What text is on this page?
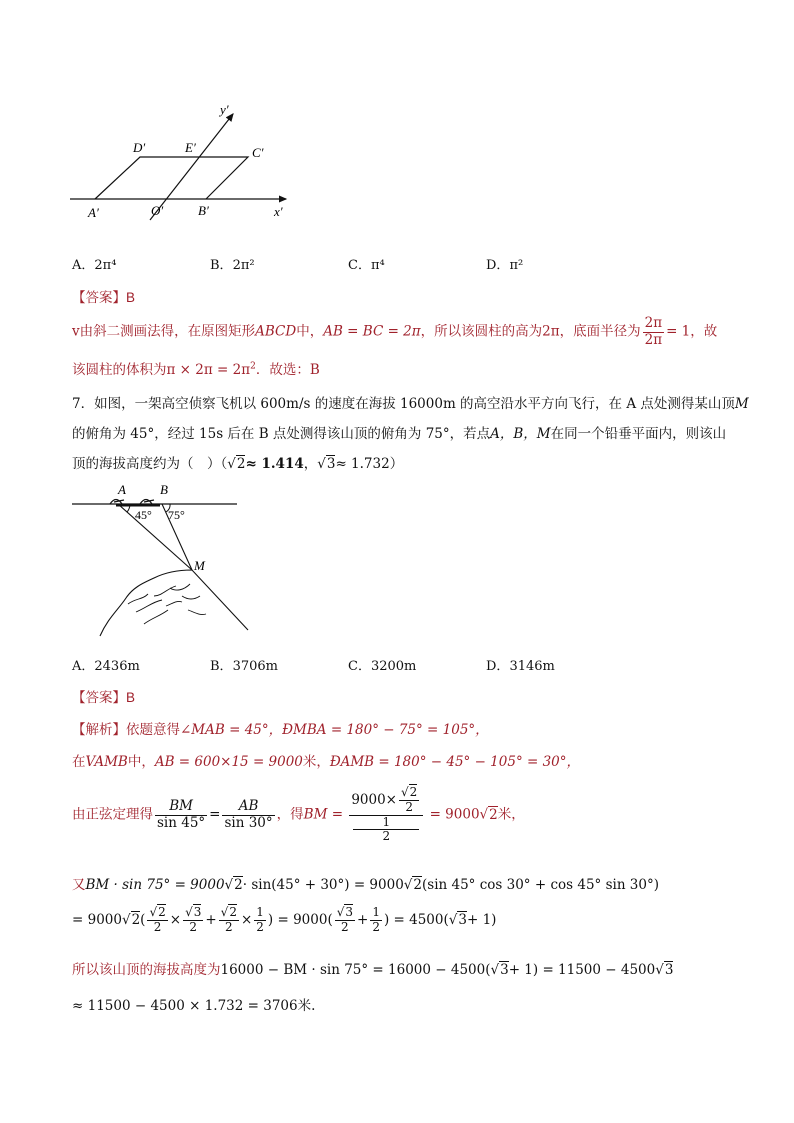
y′
x′
D′	E′	C′
A′	O′	B′
A．2π⁴	B．2π²	C．π⁴	D．π²
【答案】B
v由斜二测画法得，在原图矩形ABCD中，AB = BC = 2π，所以该圆柱的高为2π，底面半径为 $\frac{2\pi}{2\pi} = 1$，故
该圆柱的体积为$\pi \times 2\pi = 2\pi^2$．故选：B
7．如图，一架高空侦察飞机以 600m/s 的速度在海拔 16000m 的高空沿水平方向飞行，在 A 点处测得某山顶M
的俯角为 45°，经过 15s 后在 B 点处测得该山顶的俯角为 75°，若点A，B，M在同一个铅垂平面内，则该山
顶的海拔高度约为（　）（√2≈ 1.414，√3≈ 1.732）
A	B
M
45° 75°
A．2436m	B．3706m	C．3200m	D．3146m
【答案】B
【解析】依题意得∠MAB = 45°，ÐMBA = 180° − 75° = 105°，
在VAMB中，AB = 600×15 = 9000米，ÐAMB = 180° − 45° − 105° = 30°，
由正弦定理得 $\frac{BM}{\sin 45^\circ} = \frac{AB}{\sin 30^\circ}$ ，得BM = $9000\times \frac{√2}{2}$
1
2 = 9000√2米，
又BM · sin 75° = 9000√2· sin(45° + 30°) = 9000√2(sin 45° cos 30° + cos 45° sin 30°)
= $9000√2( \frac{√2}{2} \times \frac{√3}{2} + \frac{√2}{2} \times \frac{1}{2}$ ) = $9000( \frac{√3}{2} + \frac{1}{2}$ ) = 4500(√3+ 1)
所以该山顶的海拔高度为16000 − BM · sin 75° = 16000 − 4500(√3+ 1) = 11500 − 4500√3
≈ 11500 − 4500 × 1.732 = 3706米.
